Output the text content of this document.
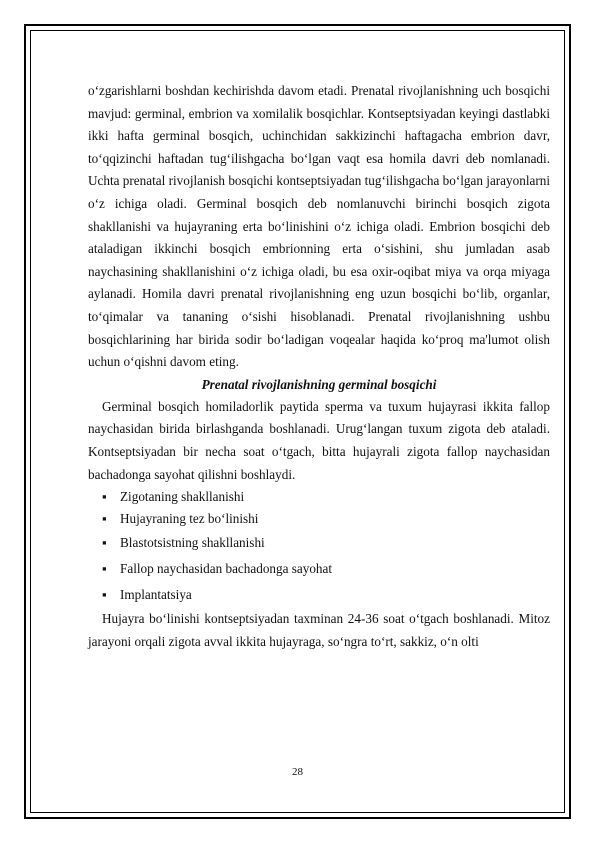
o‘zgarishlarni boshdan kechirishda davom etadi. Prenatal rivojlanishning uch bosqichi mavjud: germinal, embrion va xomilalik bosqichlar. Kontseptsiyadan keyingi dastlabki ikki hafta germinal bosqich, uchinchidan sakkizinchi haftagacha embrion davr, to‘qqizinchi haftadan tug‘ilishgacha bo‘lgan vaqt esa homila davri deb nomlanadi. Uchta prenatal rivojlanish bosqichi kontseptsiyadan tug‘ilishgacha bo‘lgan jarayonlarni o‘z ichiga oladi. Germinal bosqich deb nomlanuvchi birinchi bosqich zigota shakllanishi va hujayraning erta bo‘linishini o‘z ichiga oladi. Embrion bosqichi deb ataladigan ikkinchi bosqich embrionning erta o‘sishini, shu jumladan asab naychasining shakllanishini o‘z ichiga oladi, bu esa oxir-oqibat miya va orqa miyaga aylanadi. Homila davri prenatal rivojlanishning eng uzun bosqichi bo‘lib, organlar, to‘qimalar va tananing o‘sishi hisoblanadi. Prenatal rivojlanishning ushbu bosqichlarining har birida sodir bo‘ladigan voqealar haqida ko‘proq ma'lumot olish uchun o‘qishni davom eting.

Prenatal rivojlanishning germinal bosqichi

Germinal bosqich homiladorlik paytida sperma va tuxum hujayrasi ikkita fallop naychasidan birida birlashganda boshlanadi. Urug‘langan tuxum zigota deb ataladi. Kontseptsiyadan bir necha soat o‘tgach, bitta hujayrali zigota fallop naychasidan bachadonga sayohat qilishni boshlaydi.

▪ Zigotaning shakllanishi
▪ Hujayraning tez bo‘linishi
▪ Blastotsistning shakllanishi
▪ Fallop naychasidan bachadonga sayohat
▪ Implantatsiya

Hujayra bo‘linishi kontseptsiyadan taxminan 24-36 soat o‘tgach boshlanadi. Mitoz jarayoni orqali zigota avval ikkita hujayraga, so‘ngra to‘rt, sakkiz, o‘n olti

28
